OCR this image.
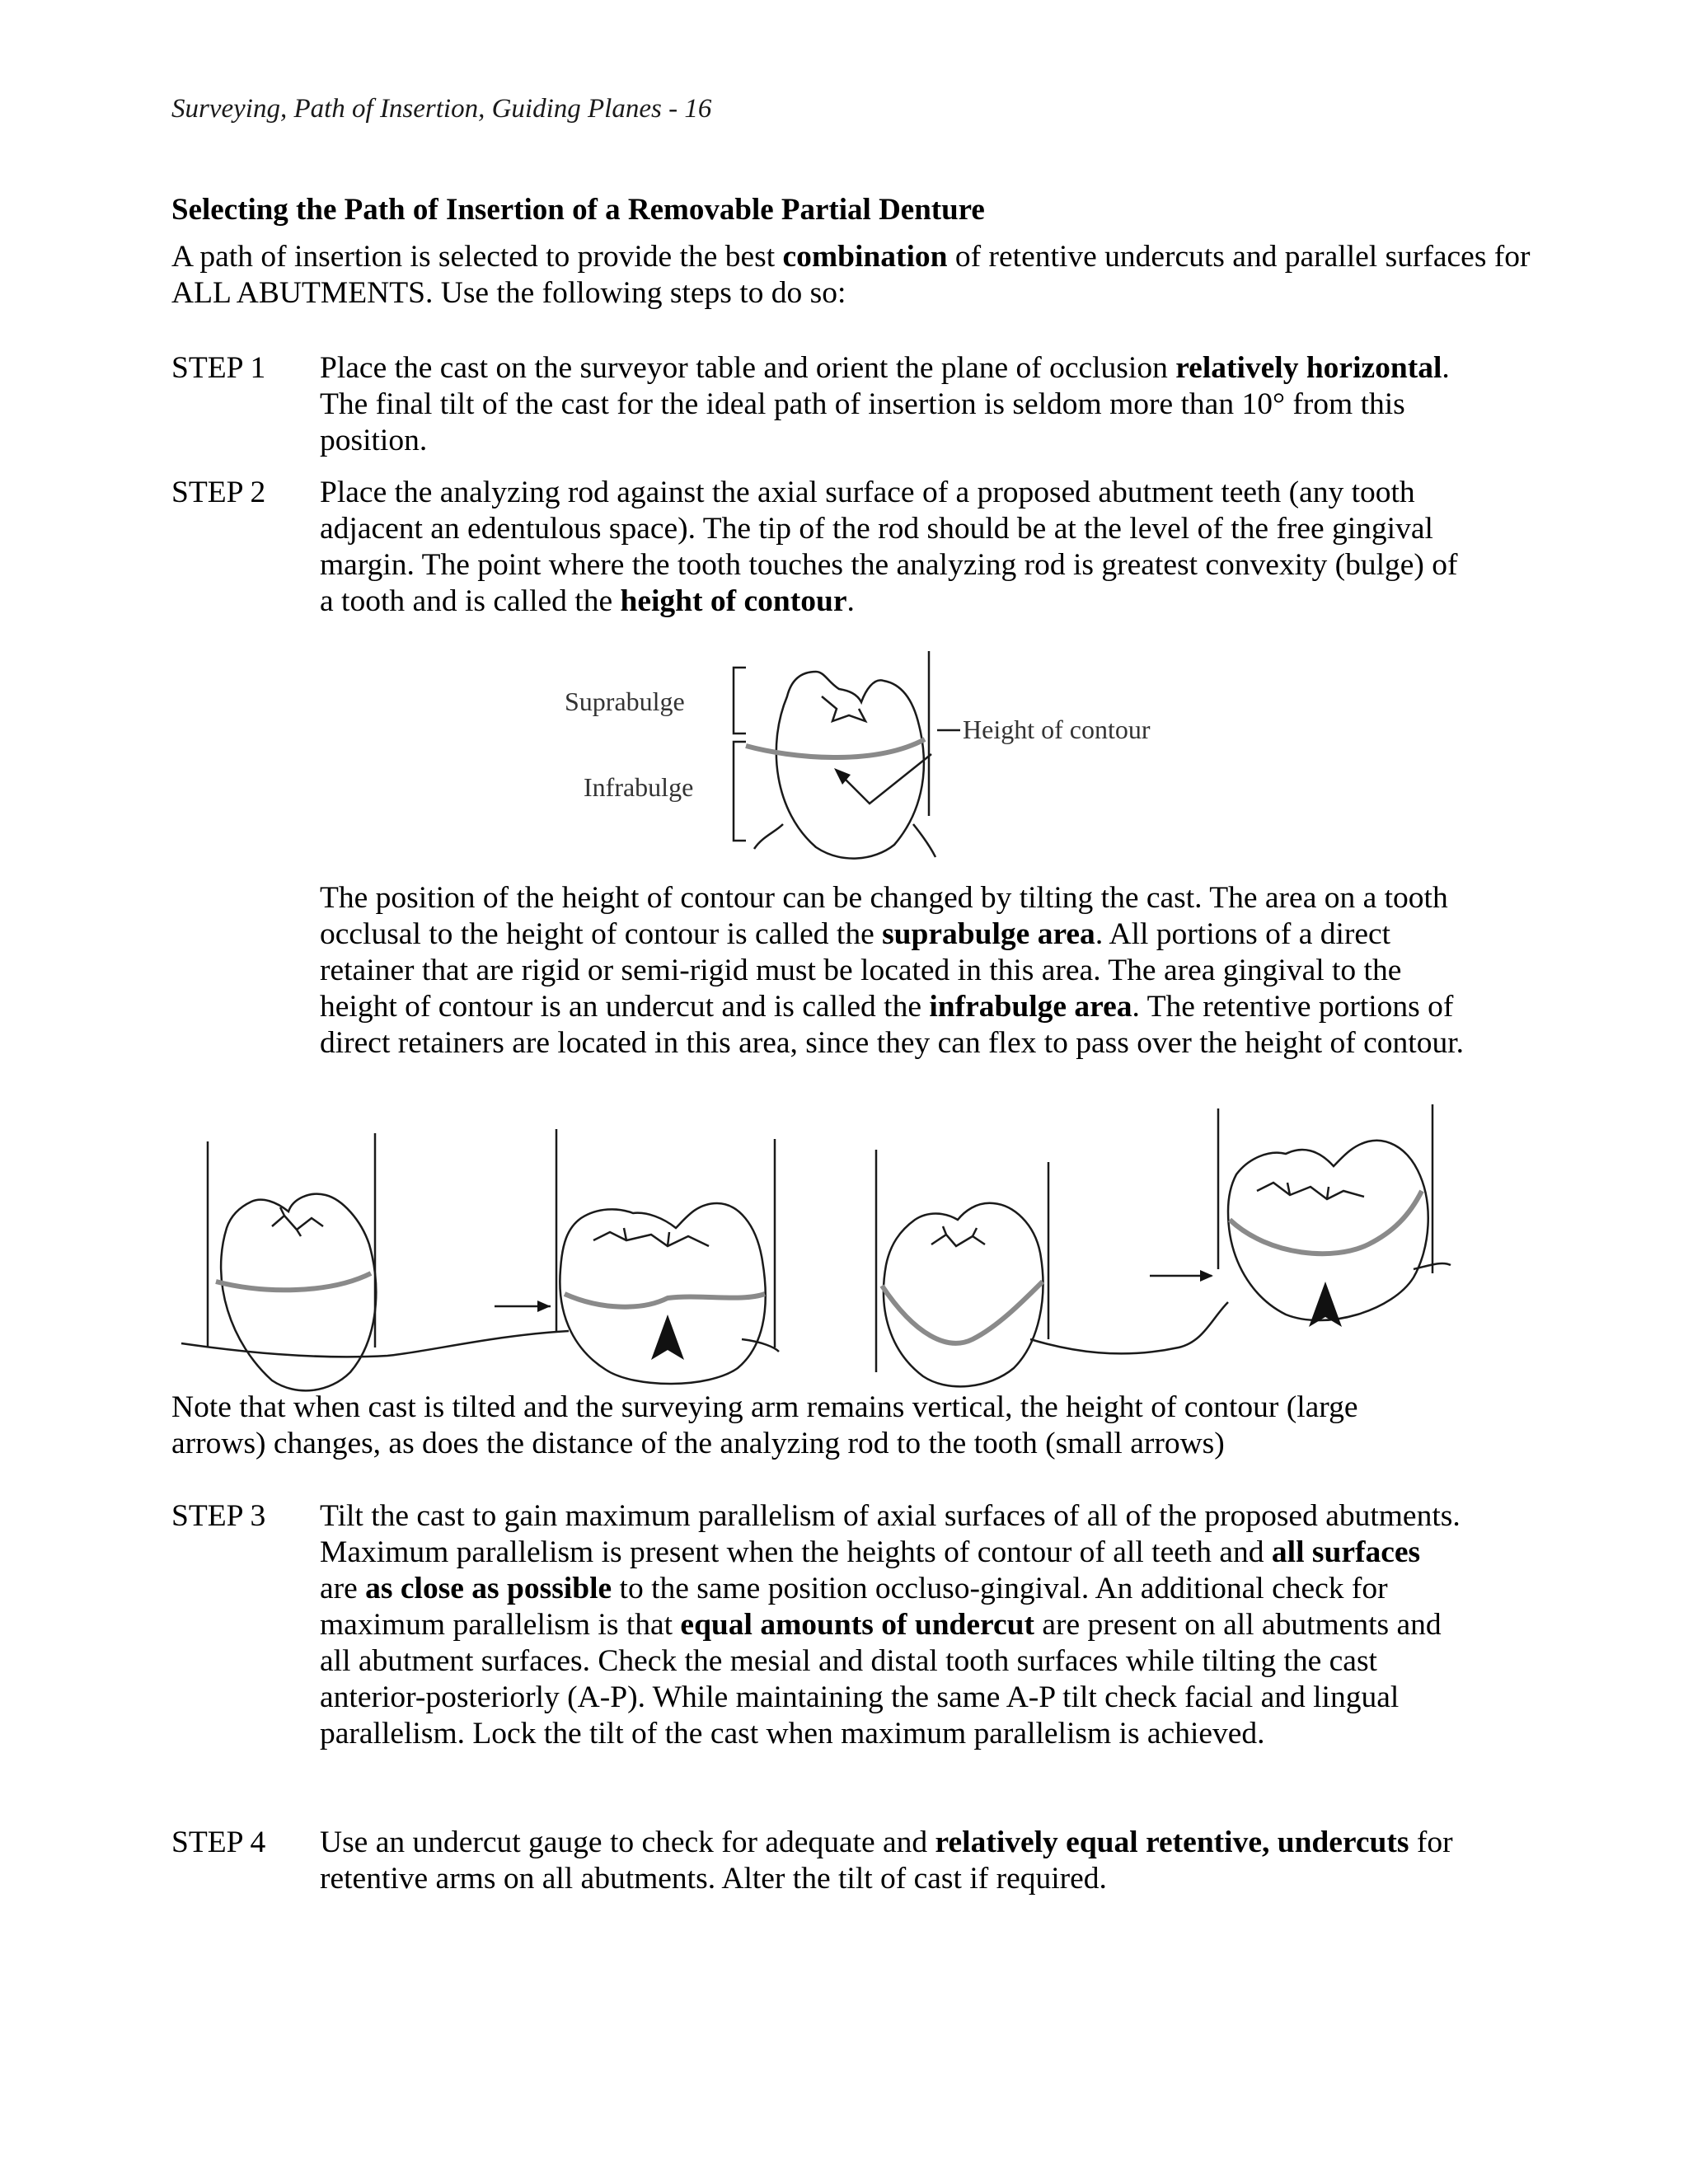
Surveying, Path of Insertion, Guiding Planes - 16
Selecting the Path of Insertion of a Removable Partial Denture
A path of insertion is selected to provide the best combination of retentive undercuts and parallel surfaces for ALL ABUTMENTS. Use the following steps to do so:
STEP 1 Place the cast on the surveyor table and orient the plane of occlusion relatively horizontal. The final tilt of the cast for the ideal path of insertion is seldom more than 10° from this position.
STEP 2 Place the analyzing rod against the axial surface of a proposed abutment teeth (any tooth adjacent an edentulous space). The tip of the rod should be at the level of the free gingival margin. The point where the tooth touches the analyzing rod is greatest convexity (bulge) of a tooth and is called the height of contour.
Suprabulge
Infrabulge
Height of contour
The position of the height of contour can be changed by tilting the cast. The area on a tooth occlusal to the height of contour is called the suprabulge area. All portions of a direct retainer that are rigid or semi-rigid must be located in this area. The area gingival to the height of contour is an undercut and is called the infrabulge area. The retentive portions of direct retainers are located in this area, since they can flex to pass over the height of contour.
Note that when cast is tilted and the surveying arm remains vertical, the height of contour (large arrows) changes, as does the distance of the analyzing rod to the tooth (small arrows)
STEP 3 Tilt the cast to gain maximum parallelism of axial surfaces of all of the proposed abutments. Maximum parallelism is present when the heights of contour of all teeth and all surfaces are as close as possible to the same position occluso-gingival. An additional check for maximum parallelism is that equal amounts of undercut are present on all abutments and all abutment surfaces. Check the mesial and distal tooth surfaces while tilting the cast anterior-posteriorly (A-P). While maintaining the same A-P tilt check facial and lingual parallelism. Lock the tilt of the cast when maximum parallelism is achieved.
STEP 4 Use an undercut gauge to check for adequate and relatively equal retentive, undercuts for retentive arms on all abutments. Alter the tilt of cast if required.
